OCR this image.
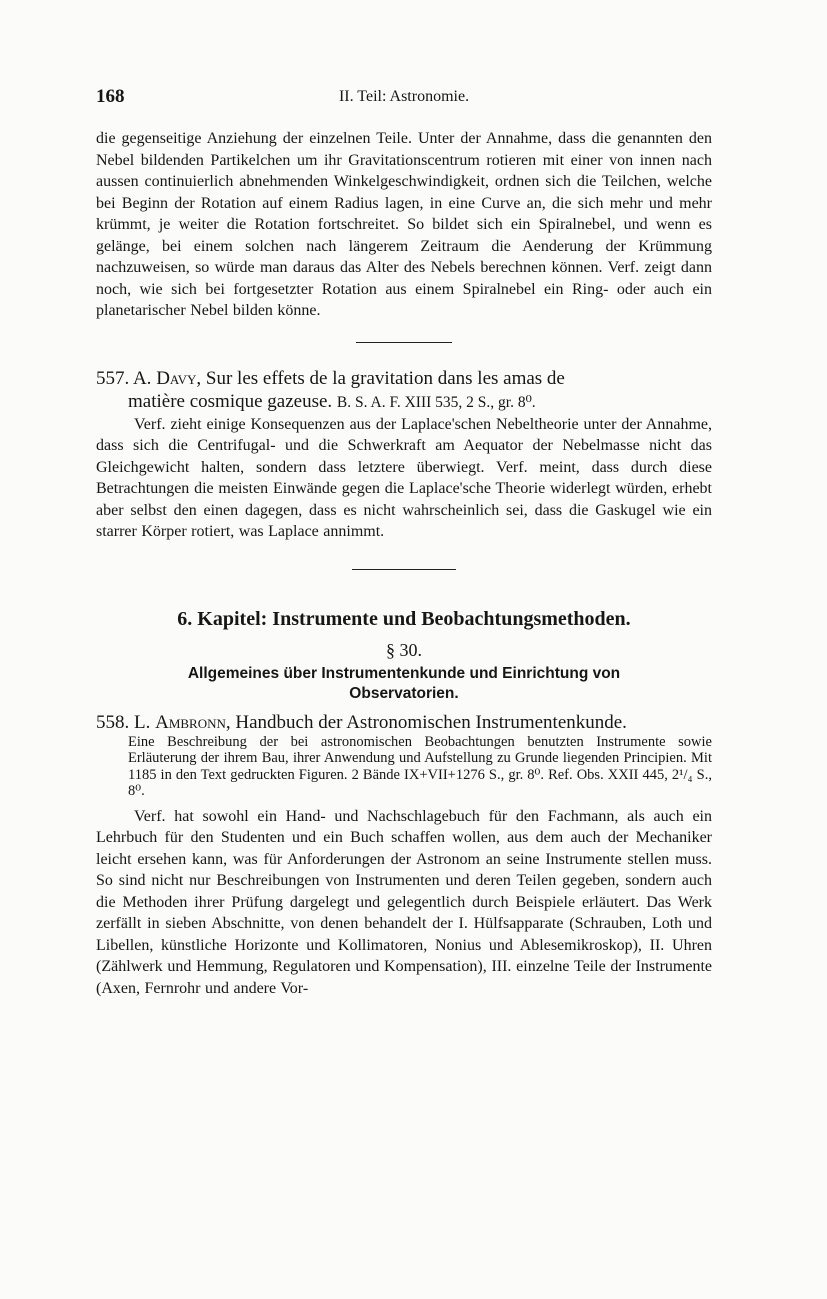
168	II. Teil: Astronomie.

die gegenseitige Anziehung der einzelnen Teile. Unter der Annahme, dass die genannten den Nebel bildenden Partikelchen um ihr Gravitationscentrum rotieren mit einer von innen nach aussen continuierlich abnehmenden Winkelgeschwindigkeit, ordnen sich die Teilchen, welche bei Beginn der Rotation auf einem Radius lagen, in eine Curve an, die sich mehr und mehr krümmt, je weiter die Rotation fortschreitet. So bildet sich ein Spiralnebel, und wenn es gelänge, bei einem solchen nach längerem Zeitraum die Aenderung der Krümmung nachzuweisen, so würde man daraus das Alter des Nebels berechnen können. Verf. zeigt dann noch, wie sich bei fortgesetzter Rotation aus einem Spiralnebel ein Ring- oder auch ein planetarischer Nebel bilden könne.

557. A. Davy, Sur les effets de la gravitation dans les amas de
matière cosmique gazeuse. B. S. A. F. XIII 535, 2 S., gr. 8⁰.

Verf. zieht einige Konsequenzen aus der Laplace'schen Nebeltheorie unter der Annahme, dass sich die Centrifugal- und die Schwerkraft am Aequator der Nebelmasse nicht das Gleichgewicht halten, sondern dass letztere überwiegt. Verf. meint, dass durch diese Betrachtungen die meisten Einwände gegen die Laplace'sche Theorie widerlegt würden, erhebt aber selbst den einen dagegen, dass es nicht wahrscheinlich sei, dass die Gaskugel wie ein starrer Körper rotiert, was Laplace annimmt.

6. Kapitel: Instrumente und Beobachtungsmethoden.

§ 30.

Allgemeines über Instrumentenkunde und Einrichtung von
Observatorien.

558. L. Ambronn, Handbuch der Astronomischen Instrumentenkunde.

Eine Beschreibung der bei astronomischen Beobachtungen benutzten Instrumente sowie Erläuterung der ihrem Bau, ihrer Anwendung und Aufstellung zu Grunde liegenden Principien. Mit 1185 in den Text gedruckten Figuren. 2 Bände IX+VII+1276 S., gr. 8⁰. Ref. Obs. XXII 445, 2¹/₄ S., 8⁰.

Verf. hat sowohl ein Hand- und Nachschlagebuch für den Fachmann, als auch ein Lehrbuch für den Studenten und ein Buch schaffen wollen, aus dem auch der Mechaniker leicht ersehen kann, was für Anforderungen der Astronom an seine Instrumente stellen muss. So sind nicht nur Beschreibungen von Instrumenten und deren Teilen gegeben, sondern auch die Methoden ihrer Prüfung dargelegt und gelegentlich durch Beispiele erläutert. Das Werk zerfällt in sieben Abschnitte, von denen behandelt der I. Hülfsapparate (Schrauben, Loth und Libellen, künstliche Horizonte und Kollimatoren, Nonius und Ablesemikroskop), II. Uhren (Zählwerk und Hemmung, Regulatoren und Kompensation), III. einzelne Teile der Instrumente (Axen, Fernrohr und andere Vor-
